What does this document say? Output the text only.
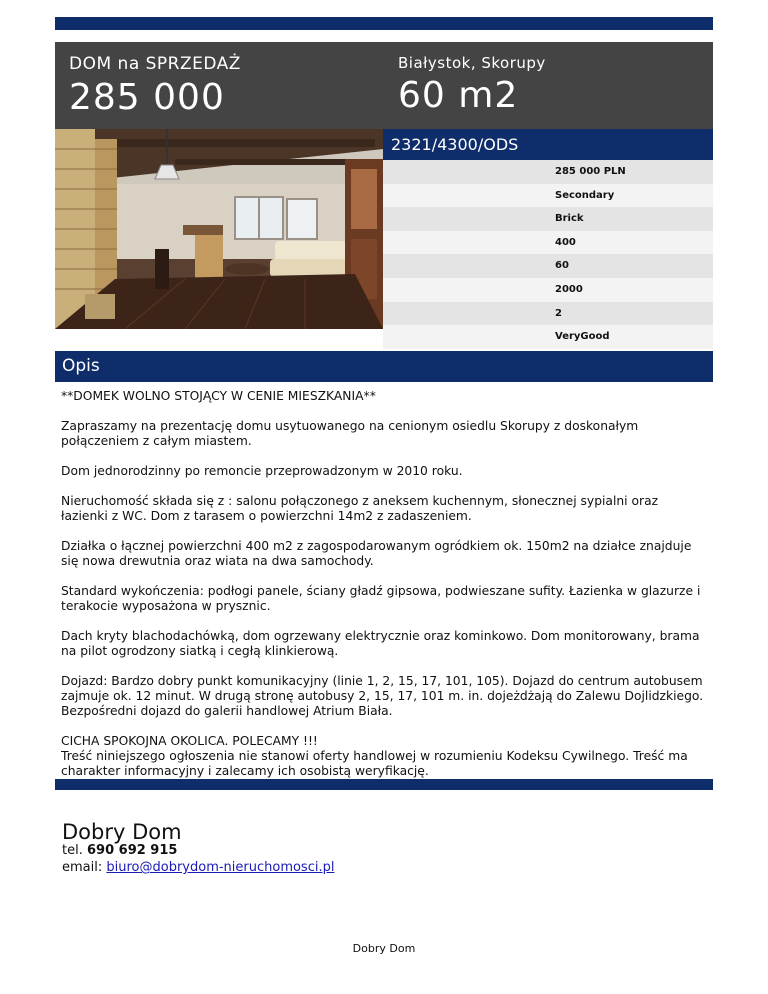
DOM na SPRZEDAŻ
285 000
Białystok, Skorupy
60 m2
2321/4300/ODS
285 000 PLN
Secondary
Brick
400
60
2000
2
VeryGood
Opis

**DOMEK WOLNO STOJĄCY W CENIE MIESZKANIA**

Zapraszamy na prezentację domu usytuowanego na cenionym osiedlu Skorupy z doskonałym połączeniem z całym miastem.

Dom jednorodzinny po remoncie przeprowadzonym w 2010 roku.

Nieruchomość składa się z : salonu połączonego z aneksem kuchennym, słonecznej sypialni oraz łazienki z WC. Dom z tarasem o powierzchni 14m2 z zadaszeniem.

Działka o łącznej powierzchni 400 m2 z zagospodarowanym ogródkiem ok. 150m2 na działce znajduje się nowa drewutnia oraz wiata na dwa samochody.

Standard wykończenia: podłogi panele, ściany gładź gipsowa, podwieszane sufity. Łazienka w glazurze i terakocie wyposażona w prysznic.

Dach kryty blachodachówką, dom ogrzewany elektrycznie oraz kominkowo. Dom monitorowany, brama na pilot ogrodzony siatką i cegłą klinkierową.

Dojazd: Bardzo dobry punkt komunikacyjny (linie 1, 2, 15, 17, 101, 105). Dojazd do centrum autobusem zajmuje ok. 12 minut. W drugą stronę autobusy 2, 15, 17, 101 m. in. dojeżdżają do Zalewu Dojlidzkiego. Bezpośredni dojazd do galerii handlowej Atrium Biała.

CICHA SPOKOJNA OKOLICA. POLECAMY !!!

Treść niniejszego ogłoszenia nie stanowi oferty handlowej w rozumieniu Kodeksu Cywilnego. Treść ma charakter informacyjny i zalecamy ich osobistą weryfikację.

Dobry Dom
tel. 690 692 915
email: biuro@dobrydom-nieruchomosci.pl
Dobry Dom
